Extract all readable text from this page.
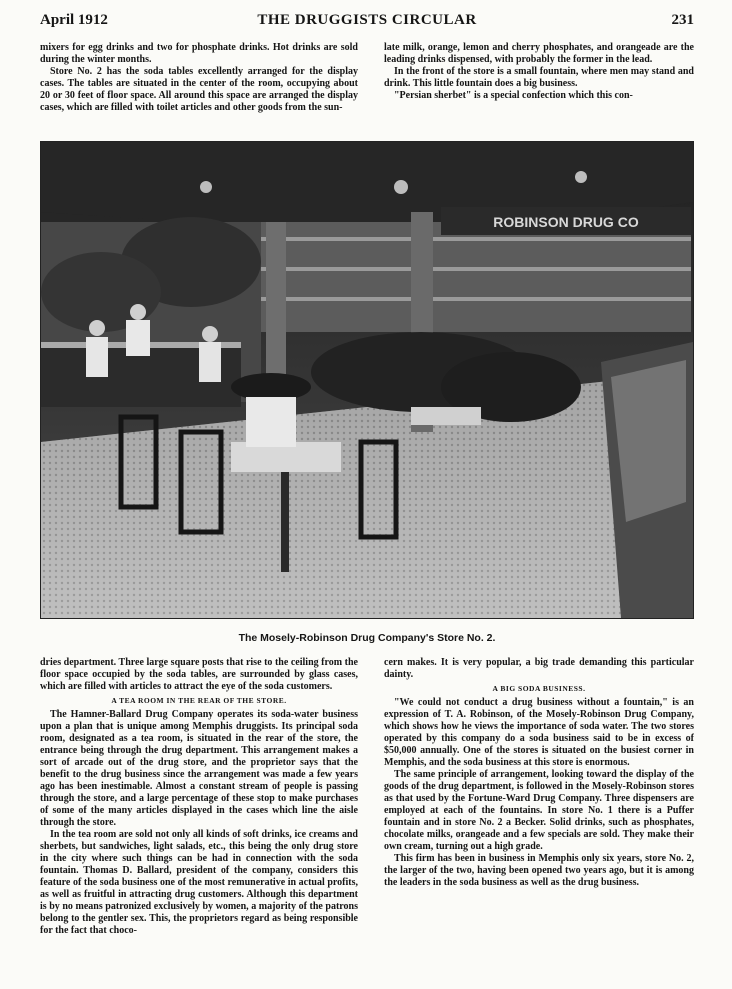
April 1912	THE DRUGGISTS CIRCULAR	231

mixers for egg drinks and two for phosphate drinks. Hot drinks are sold during the winter months.

Store No. 2 has the soda tables excellently arranged for the display cases. The tables are situated in the center of the room, occupying about 20 or 30 feet of floor space. All around this space are arranged the display cases, which are filled with toilet articles and other goods from the sun-

late milk, orange, lemon and cherry phosphates, and orangeade are the leading drinks dispensed, with probably the former in the lead.

In the front of the store is a small fountain, where men may stand and drink. This little fountain does a big business.

"Persian sherbet" is a special confection which this con-

ROBINSON DRUG CO
The Mosely-Robinson Drug Company's Store No. 2.

dries department. Three large square posts that rise to the ceiling from the floor space occupied by the soda tables, are surrounded by glass cases, which are filled with articles to attract the eye of the soda customers.

A TEA ROOM IN THE REAR OF THE STORE.

The Hamner-Ballard Drug Company operates its soda-water business upon a plan that is unique among Memphis druggists. Its principal soda room, designated as a tea room, is situated in the rear of the store, the entrance being through the drug department. This arrangement makes a sort of arcade out of the drug store, and the proprietor says that the benefit to the drug business since the arrangement was made a few years ago has been inestimable. Almost a constant stream of people is passing through the store, and a large percentage of these stop to make purchases of some of the many articles displayed in the cases which line the aisle through the store.

In the tea room are sold not only all kinds of soft drinks, ice creams and sherbets, but sandwiches, light salads, etc., this being the only drug store in the city where such things can be had in connection with the soda fountain. Thomas D. Ballard, president of the company, considers this feature of the soda business one of the most remunerative in actual profits, as well as fruitful in attracting drug customers. Although this department is by no means patronized exclusively by women, a majority of the patrons belong to the gentler sex. This, the proprietors regard as being responsible for the fact that choco-

cern makes. It is very popular, a big trade demanding this particular dainty.

A BIG SODA BUSINESS.

"We could not conduct a drug business without a fountain," is an expression of T. A. Robinson, of the Mosely-Robinson Drug Company, which shows how he views the importance of soda water. The two stores operated by this company do a soda business said to be in excess of $50,000 annually. One of the stores is situated on the busiest corner in Memphis, and the soda business at this store is enormous.

The same principle of arrangement, looking toward the display of the goods of the drug department, is followed in the Mosely-Robinson stores as that used by the Fortune-Ward Drug Company. Three dispensers are employed at each of the fountains. In store No. 1 there is a Puffer fountain and in store No. 2 a Becker. Solid drinks, such as phosphates, chocolate milks, orangeade and a few specials are sold. They make their own cream, turning out a high grade.

This firm has been in business in Memphis only six years, store No. 2, the larger of the two, having been opened two years ago, but it is among the leaders in the soda business as well as the drug business.
